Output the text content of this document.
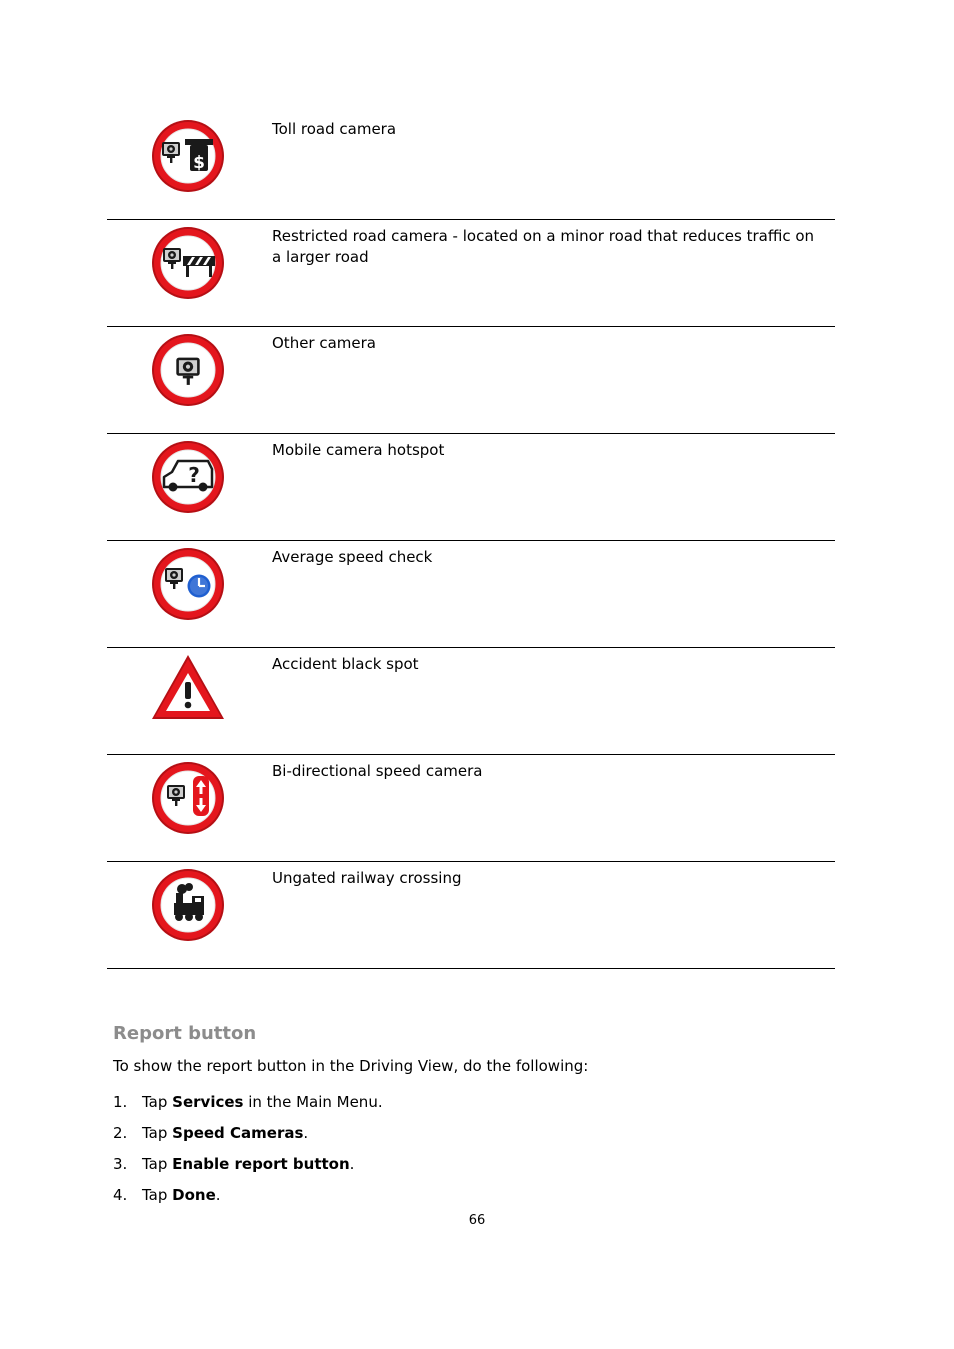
$
Toll road camera
Restricted road camera - located on a minor road that reduces traffic on a larger road
Other camera
?
Mobile camera hotspot
Average speed check
Accident black spot
Bi-directional speed camera
Ungated railway crossing
Report button
To show the report button in the Driving View, do the following:
1. Tap Services in the Main Menu.
2. Tap Speed Cameras.
3. Tap Enable report button.
4. Tap Done.
66
